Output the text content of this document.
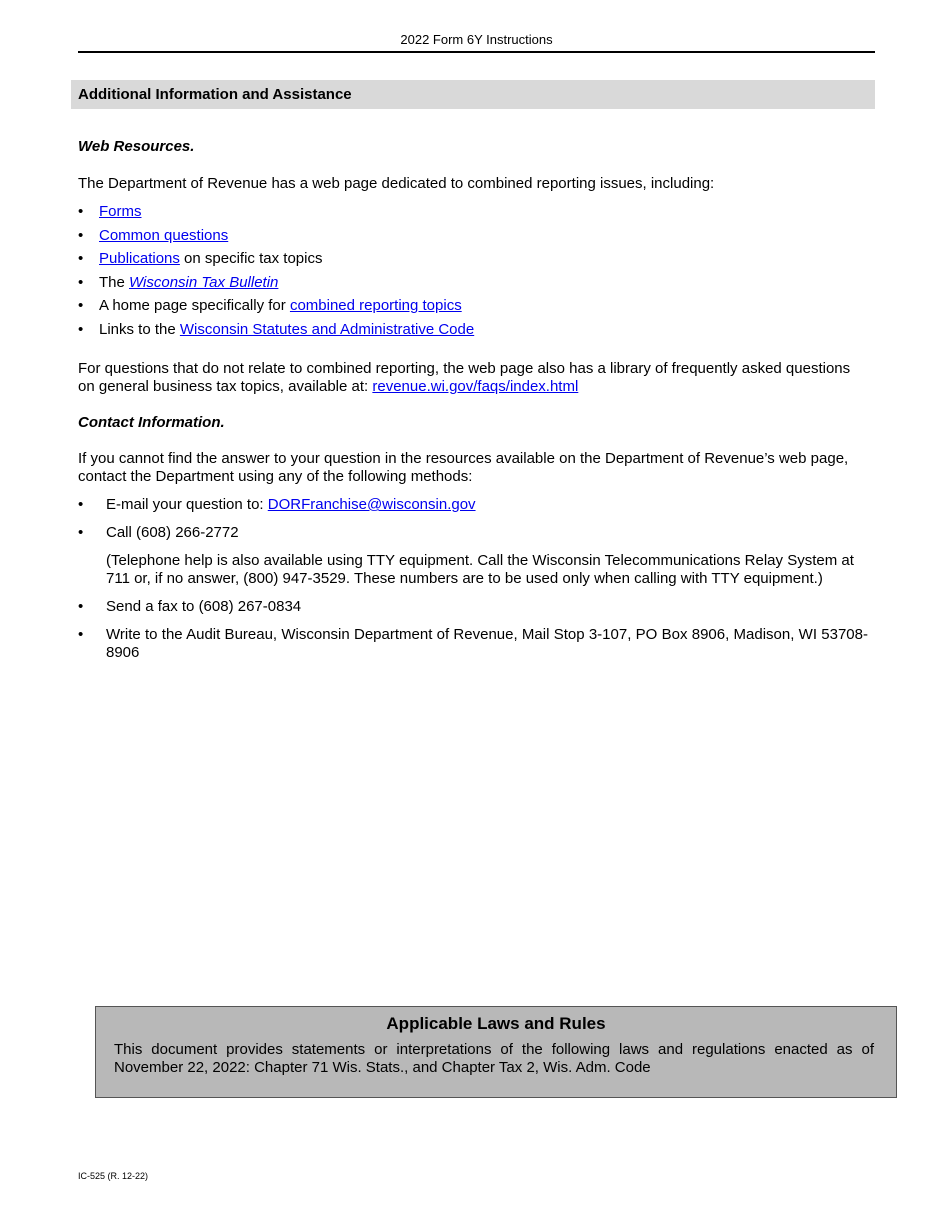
2022 Form 6Y Instructions
Additional Information and Assistance
Web Resources.
The Department of Revenue has a web page dedicated to combined reporting issues, including:
• Forms
• Common questions
• Publications on specific tax topics
• The Wisconsin Tax Bulletin
• A home page specifically for combined reporting topics
• Links to the Wisconsin Statutes and Administrative Code
For questions that do not relate to combined reporting, the web page also has a library of frequently asked questions on general business tax topics, available at: revenue.wi.gov/faqs/index.html
Contact Information.
If you cannot find the answer to your question in the resources available on the Department of Revenue’s web page, contact the Department using any of the following methods:
• E-mail your question to: DORFranchise@wisconsin.gov
• Call (608) 266-2772
(Telephone help is also available using TTY equipment. Call the Wisconsin Telecommunications Relay System at 711 or, if no answer, (800) 947-3529. These numbers are to be used only when calling with TTY equipment.)
• Send a fax to (608) 267-0834
• Write to the Audit Bureau, Wisconsin Department of Revenue, Mail Stop 3-107, PO Box 8906, Madison, WI 53708-8906
Applicable Laws and Rules
This document provides statements or interpretations of the following laws and regulations enacted as of November 22, 2022: Chapter 71 Wis. Stats., and Chapter Tax 2, Wis. Adm. Code
IC-525 (R. 12-22)
